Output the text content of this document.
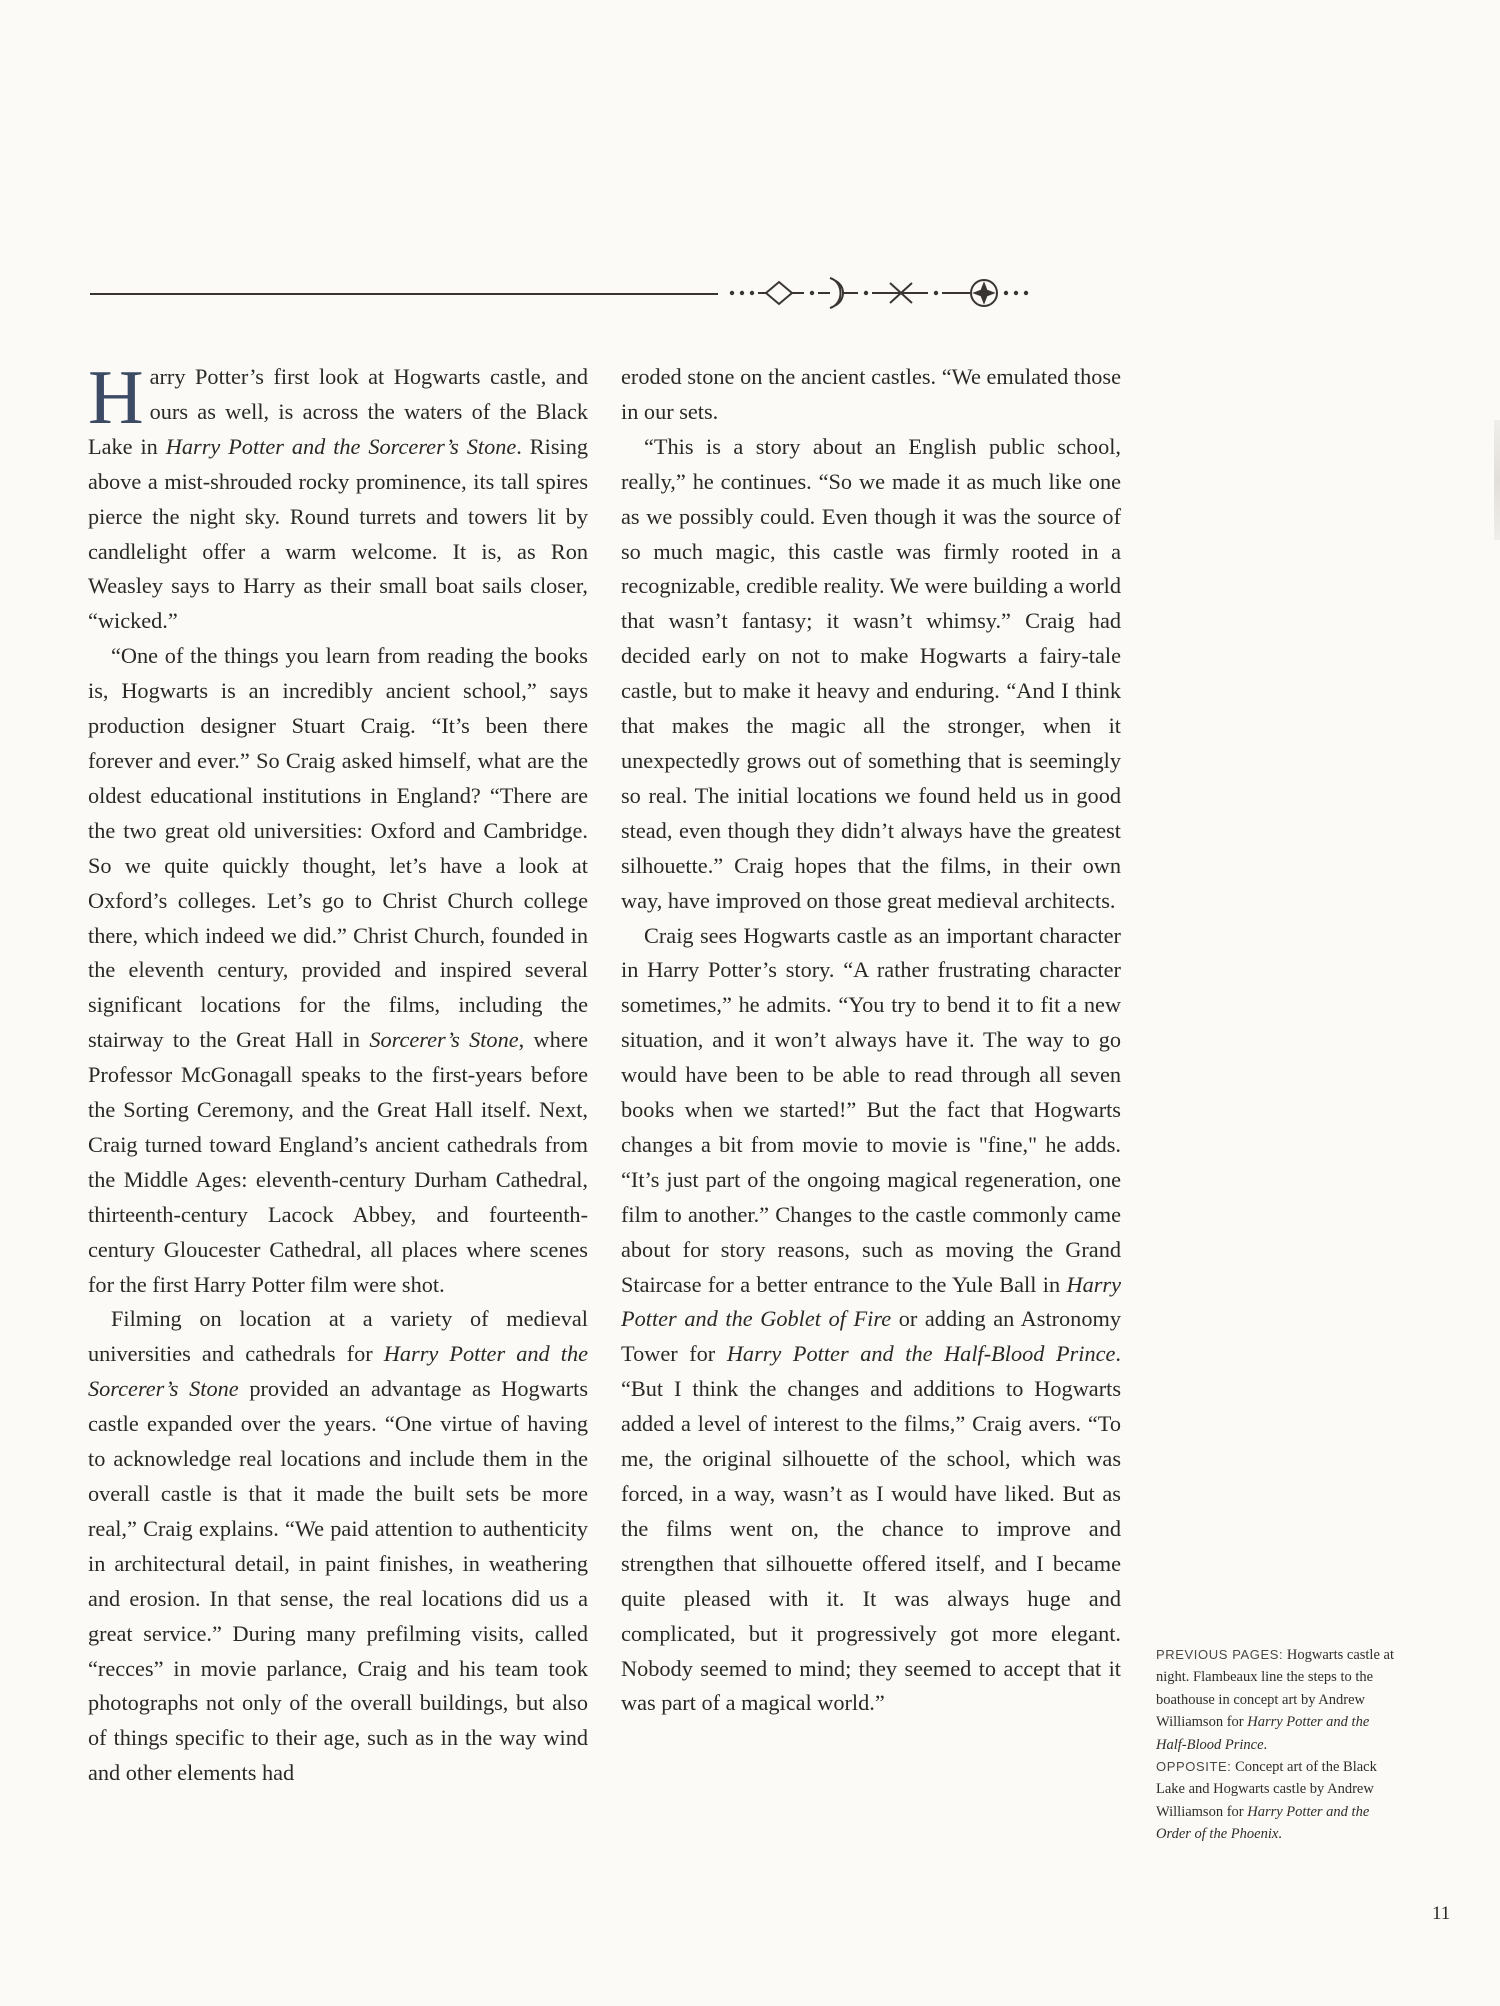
Harry Potter’s first look at Hogwarts castle, and ours as well, is across the waters of the Black Lake in Harry Potter and the Sorcerer’s Stone. Rising above a mist-shrouded rocky prominence, its tall spires pierce the night sky. Round turrets and towers lit by candlelight offer a warm welcome. It is, as Ron Weasley says to Harry as their small boat sails closer, “wicked.”

“One of the things you learn from reading the books is, Hogwarts is an incredibly ancient school,” says production designer Stuart Craig. “It’s been there forever and ever.” So Craig asked himself, what are the oldest educational institutions in England? “There are the two great old universities: Oxford and Cambridge. So we quite quickly thought, let’s have a look at Oxford’s colleges. Let’s go to Christ Church college there, which indeed we did.” Christ Church, founded in the eleventh century, provided and inspired several significant locations for the films, including the stairway to the Great Hall in Sorcerer’s Stone, where Professor McGonagall speaks to the first-years before the Sorting Ceremony, and the Great Hall itself. Next, Craig turned toward England’s ancient cathedrals from the Middle Ages: eleventh-century Durham Cathedral, thirteenth-century Lacock Abbey, and fourteenth-century Gloucester Cathedral, all places where scenes for the first Harry Potter film were shot.

Filming on location at a variety of medieval universities and cathedrals for Harry Potter and the Sorcerer’s Stone provided an advantage as Hogwarts castle expanded over the years. “One virtue of having to acknowledge real locations and include them in the overall castle is that it made the built sets be more real,” Craig explains. “We paid attention to authenticity in architectural detail, in paint finishes, in weathering and erosion. In that sense, the real locations did us a great service.” During many prefilming visits, called “recces” in movie parlance, Craig and his team took photographs not only of the overall buildings, but also of things specific to their age, such as in the way wind and other elements had

eroded stone on the ancient castles. “We emulated those in our sets.

“This is a story about an English public school, really,” he continues. “So we made it as much like one as we possibly could. Even though it was the source of so much magic, this castle was firmly rooted in a recognizable, credible reality. We were building a world that wasn’t fantasy; it wasn’t whimsy.” Craig had decided early on not to make Hogwarts a fairy-tale castle, but to make it heavy and enduring. “And I think that makes the magic all the stronger, when it unexpectedly grows out of something that is seemingly so real. The initial locations we found held us in good stead, even though they didn’t always have the greatest silhouette.” Craig hopes that the films, in their own way, have improved on those great medieval architects.

Craig sees Hogwarts castle as an important character in Harry Potter’s story. “A rather frustrating character sometimes,” he admits. “You try to bend it to fit a new situation, and it won’t always have it. The way to go would have been to be able to read through all seven books when we started!” But the fact that Hogwarts changes a bit from movie to movie is "fine," he adds. “It’s just part of the ongoing magical regeneration, one film to another.” Changes to the castle commonly came about for story reasons, such as moving the Grand Staircase for a better entrance to the Yule Ball in Harry Potter and the Goblet of Fire or adding an Astronomy Tower for Harry Potter and the Half-Blood Prince. “But I think the changes and additions to Hogwarts added a level of interest to the films,” Craig avers. “To me, the original silhouette of the school, which was forced, in a way, wasn’t as I would have liked. But as the films went on, the chance to improve and strengthen that silhouette offered itself, and I became quite pleased with it. It was always huge and complicated, but it progressively got more elegant. Nobody seemed to mind; they seemed to accept that it was part of a magical world.”

PREVIOUS PAGES: Hogwarts castle at night. Flambeaux line the steps to the boathouse in concept art by Andrew Williamson for Harry Potter and the Half-Blood Prince.
OPPOSITE: Concept art of the Black Lake and Hogwarts castle by Andrew Williamson for Harry Potter and the Order of the Phoenix.
11
